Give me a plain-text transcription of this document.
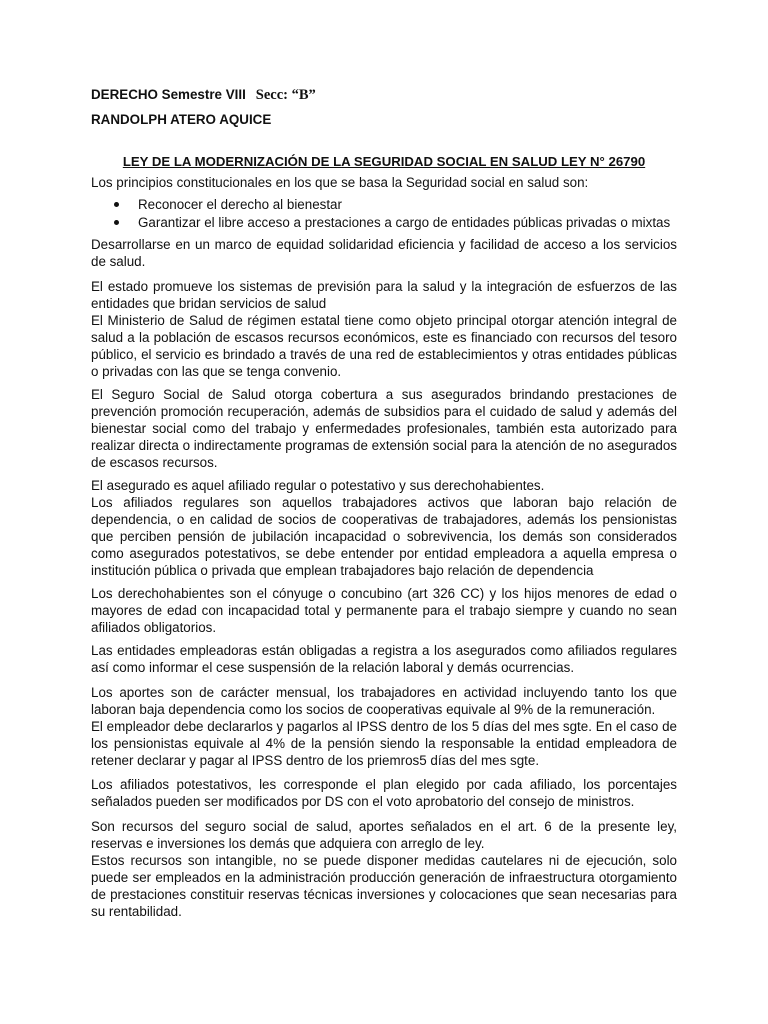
DERECHO Semestre VIII Secc: “B”
RANDOLPH ATERO AQUICE
LEY DE LA MODERNIZACIÓN DE LA SEGURIDAD SOCIAL EN SALUD LEY N° 26790

Los principios constitucionales en los que se basa la Seguridad social en salud son:

Reconocer el derecho al bienestar
Garantizar el libre acceso a prestaciones a cargo de entidades públicas privadas o mixtas

Desarrollarse en un marco de equidad solidaridad eficiencia y facilidad de acceso a los servicios de salud.

El estado promueve los sistemas de previsión para la salud y la integración de esfuerzos de las entidades que bridan servicios de salud

El Ministerio de Salud de régimen estatal tiene como objeto principal otorgar atención integral de salud a la población de escasos recursos económicos, este es financiado con recursos del tesoro público, el servicio es brindado a través de una red de establecimientos y otras entidades públicas o privadas con las que se tenga convenio.

El Seguro Social de Salud otorga cobertura a sus asegurados brindando prestaciones de prevención promoción recuperación, además de subsidios para el cuidado de salud y además del bienestar social como del trabajo y enfermedades profesionales, también esta autorizado para realizar directa o indirectamente programas de extensión social para la atención de no asegurados de escasos recursos.

El asegurado es aquel afiliado regular o potestativo y sus derechohabientes.

Los afiliados regulares son aquellos trabajadores activos que laboran bajo relación de dependencia, o en calidad de socios de cooperativas de trabajadores, además los pensionistas que perciben pensión de jubilación incapacidad o sobrevivencia, los demás son considerados como asegurados potestativos, se debe entender por entidad empleadora a aquella empresa o institución pública o privada que emplean trabajadores bajo relación de dependencia

Los derechohabientes son el cónyuge o concubino (art 326 CC) y los hijos menores de edad o mayores de edad con incapacidad total y permanente para el trabajo siempre y cuando no sean afiliados obligatorios.

Las entidades empleadoras están obligadas a registra a los asegurados como afiliados regulares así como informar el cese suspensión de la relación laboral y demás ocurrencias.

Los aportes son de carácter mensual, los trabajadores en actividad incluyendo tanto los que laboran baja dependencia como los socios de cooperativas equivale al 9% de la remuneración.

El empleador debe declararlos y pagarlos al IPSS dentro de los 5 días del mes sgte. En el caso de los pensionistas equivale al 4% de la pensión siendo la responsable la entidad empleadora de retener declarar y pagar al IPSS dentro de los priemros5 días del mes sgte.

Los afiliados potestativos, les corresponde el plan elegido por cada afiliado, los porcentajes señalados pueden ser modificados por DS con el voto aprobatorio del consejo de ministros.

Son recursos del seguro social de salud, aportes señalados en el art. 6 de la presente ley, reservas e inversiones los demás que adquiera con arreglo de ley.

Estos recursos son intangible, no se puede disponer medidas cautelares ni de ejecución, solo puede ser empleados en la administración producción generación de infraestructura otorgamiento de prestaciones constituir reservas técnicas inversiones y colocaciones que sean necesarias para su rentabilidad.
